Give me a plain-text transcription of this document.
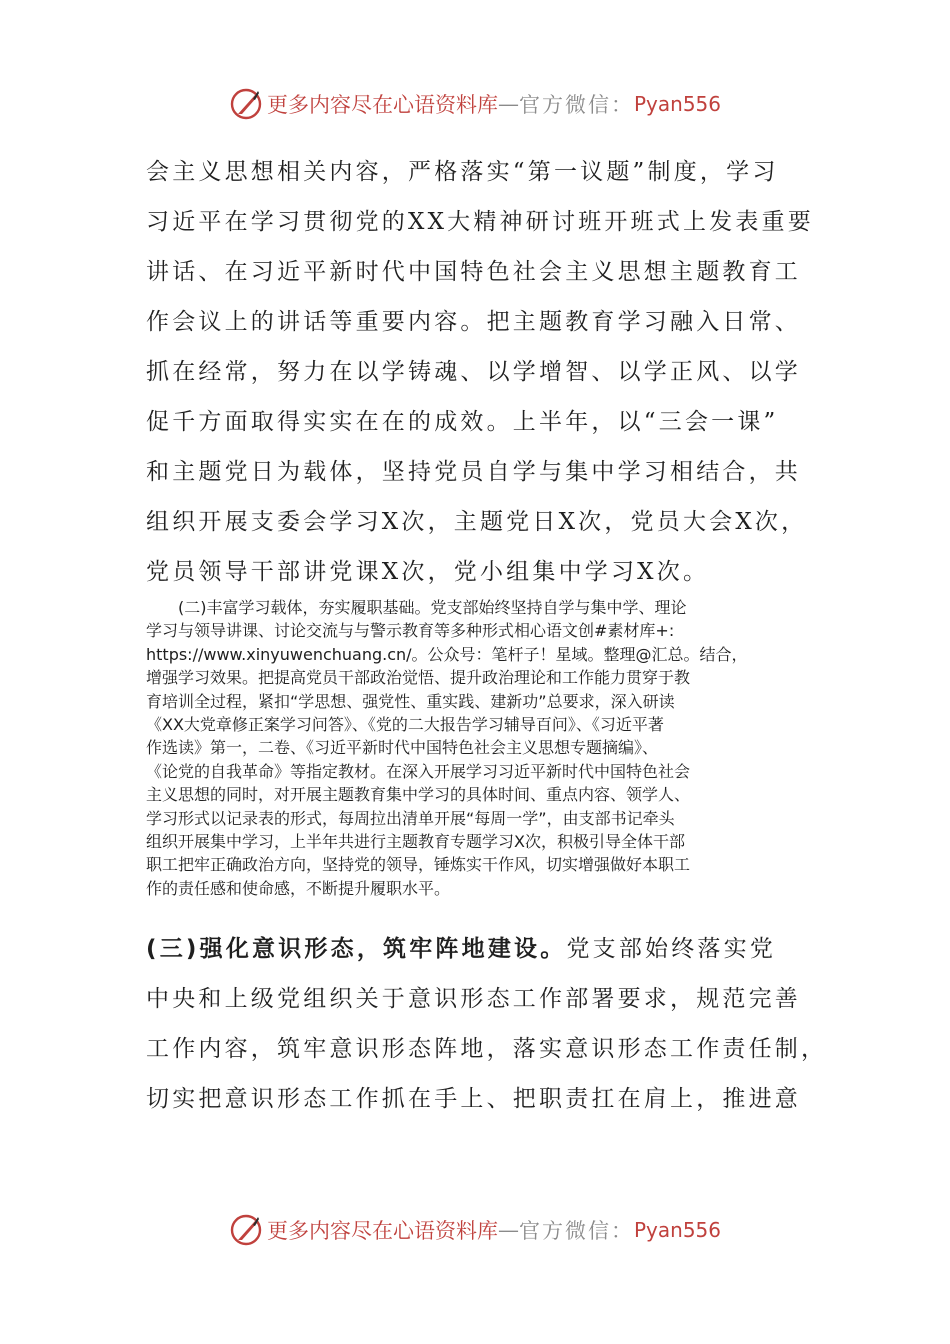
更多内容尽在心语资料库 — 官方微信： Pyan556
会主义思想相关内容，严格落实“第一议题”制度，学习
习近平在学习贯彻党的XX大精神研讨班开班式上发表重要
讲话、在习近平新时代中国特色社会主义思想主题教育工
作会议上的讲话等重要内容。把主题教育学习融入日常、
抓在经常，努力在以学铸魂、以学增智、以学正风、以学
促千方面取得实实在在的成效。上半年，以“三会一课”
和主题党日为载体，坚持党员自学与集中学习相结合，共
组织开展支委会学习X次，主题党日X次，党员大会X次，
党员领导干部讲党课X次，党小组集中学习X次。
　　(二)丰富学习载体，夯实履职基础。党支部始终坚持自学与集中学、理论
学习与领导讲课、讨论交流与与警示教育等多种形式相心语文创#素材库+:
https://www.xinyuwenchuang.cn/。公众号：笔杆子！星域。整理@汇总。结合，
增强学习效果。把提高党员干部政治觉悟、提升政治理论和工作能力贯穿于教
育培训全过程，紧扣“学思想、强党性、重实践、建新功”总要求，深入研读
《XX大党章修正案学习问答》、《党的二大报告学习辅导百问》、《习近平著
作选读》第一，二卷、《习近平新时代中国特色社会主义思想专题摘编》、
《论党的自我革命》等指定教材。在深入开展学习习近平新时代中国特色社会
主义思想的同时，对开展主题教育集中学习的具体时间、重点内容、领学人、
学习形式以记录表的形式，每周拉出清单开展“每周一学”，由支部书记牵头
组织开展集中学习，上半年共进行主题教育专题学习X次，积极引导全体干部
职工把牢正确政治方向，坚持党的领导，锤炼实干作风，切实增强做好本职工
作的责任感和使命感，不断提升履职水平。
(三)强化意识形态，筑牢阵地建设。党支部始终落实党
中央和上级党组织关于意识形态工作部署要求，规范完善
工作内容，筑牢意识形态阵地，落实意识形态工作责任制，
切实把意识形态工作抓在手上、把职责扛在肩上，推进意
更多内容尽在心语资料库 — 官方微信： Pyan556
